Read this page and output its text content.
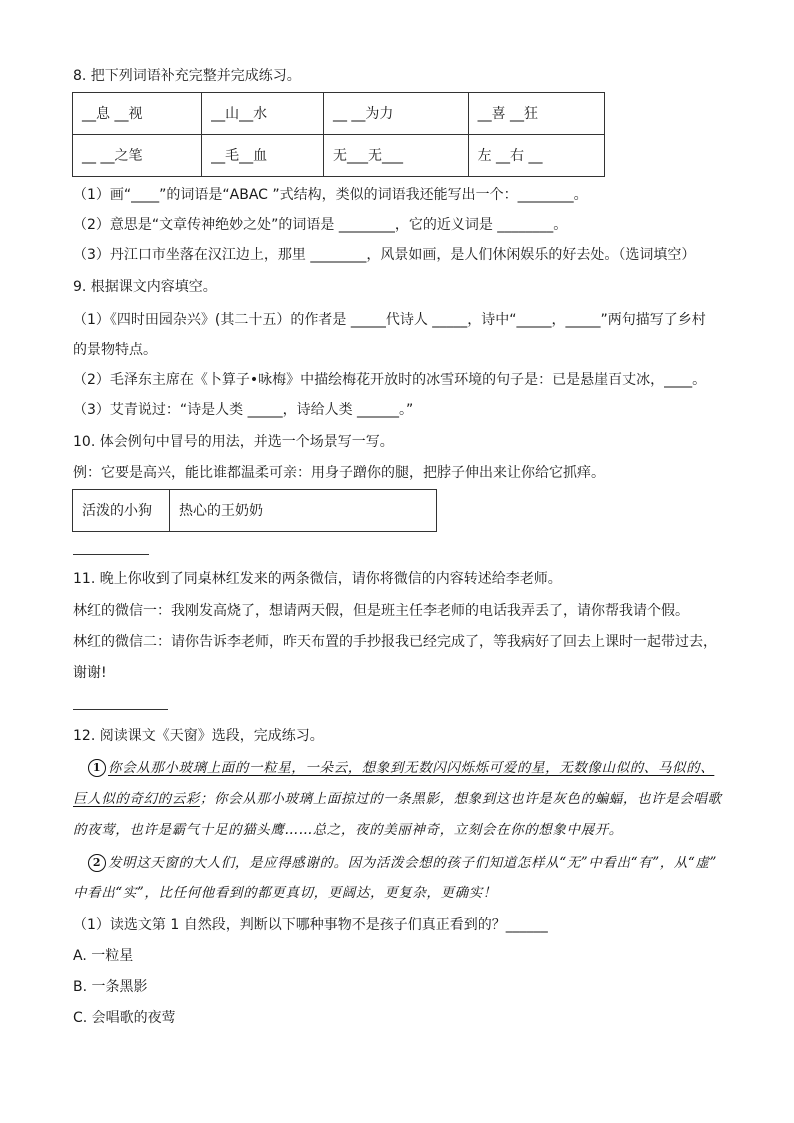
8. 把下列词语补充完整并完成练习。
__息 __视	__山__水	__ __为力	__喜 __狂
__ __之笔	__毛__血	无___无___	左 __右 __
（1）画“____”的词语是“ABAC ”式结构，类似的词语我还能写出一个：________。
（2）意思是“文章传神绝妙之处”的词语是 ________，它的近义词是 ________。
（3）丹江口市坐落在汉江边上，那里 ________，风景如画，是人们休闲娱乐的好去处。（选词填空）
9. 根据课文内容填空。
（1）《四时田园杂兴》(其二十五）的作者是 _____代诗人 _____，诗中“_____，_____”两句描写了乡村
的景物特点。
（2）毛泽东主席在《卜算子•咏梅》中描绘梅花开放时的冰雪环境的句子是：已是悬崖百丈冰，____。
（3）艾青说过：“诗是人类 _____，诗给人类 ______。”
10. 体会例句中冒号的用法，并选一个场景写一写。
例：它要是高兴，能比谁都温柔可亲：用身子蹭你的腿，把脖子伸出来让你给它抓痒。
活泼的小狗	热心的王奶奶
11. 晚上你收到了同桌林红发来的两条微信，请你将微信的内容转述给李老师。
林红的微信一：我刚发高烧了，想请两天假，但是班主任李老师的电话我弄丢了，请你帮我请个假。
林红的微信二：请你告诉李老师，昨天布置的手抄报我已经完成了，等我病好了回去上课时一起带过去，
谢谢!
12. 阅读课文《天窗》选段，完成练习。
1 你会从那小玻璃上面的一粒星，一朵云，想象到无数闪闪烁烁可爱的星，无数像山似的、马似的、
巨人似的奇幻的云彩；你会从那小玻璃上面掠过的一条黑影，想象到这也许是灰色的蝙蝠，也许是会唱歌
的夜莺，也许是霸气十足的猫头鹰……总之，夜的美丽神奇，立刻会在你的想象中展开。
2 发明这天窗的大人们，是应得感谢的。因为活泼会想的孩子们知道怎样从“无”中看出“有”，从“虚”
中看出“实”，比任何他看到的都更真切，更阔达，更复杂，更确实！
（1）读选文第 1 自然段，判断以下哪种事物不是孩子们真正看到的？______
A. 一粒星
B. 一条黑影
C. 会唱歌的夜莺
